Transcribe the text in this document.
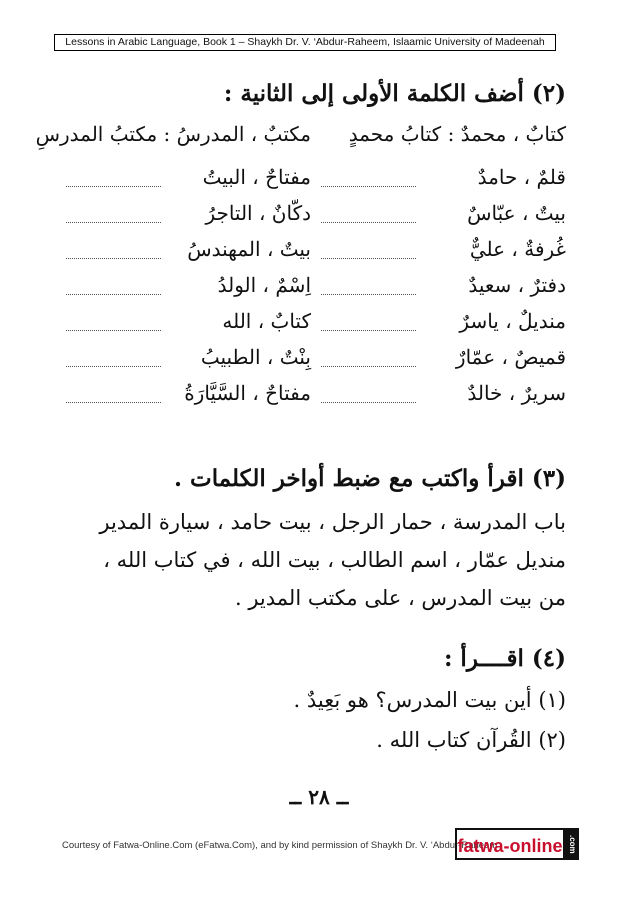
Lessons in Arabic Language, Book 1 – Shaykh Dr. V. ‘Abdur-Raheem, Islaamic University of Madeenah
(٢) أضف الكلمة الأولى إلى الثانية :
كتابٌ ، محمدٌ : كتابُ محمدٍ
مكتبٌ ، المدرسُ : مكتبُ المدرسِ
قلمٌ ، حامدٌ
مفتاحٌ ، البيتُ
بيتٌ ، عبّاسٌ
دكّانٌ ، التاجرُ
غُرفةٌ ، عليٌّ
بيتٌ ، المهندسُ
دفترٌ ، سعيدٌ
اِسْمٌ ، الولدُ
منديلٌ ، ياسرٌ
كتابٌ ، الله
قميصٌ ، عمّارٌ
بِنْتٌ ، الطبيبُ
سريرٌ ، خالدٌ
مفتاحٌ ، السَّيَّارَةُ
(٣) اقرأ واكتب مع ضبط أواخر الكلمات .
باب المدرسة ، حمار الرجل ، بيت حامد ، سيارة المدير
منديل عمّار ، اسم الطالب ، بيت الله ، في كتاب الله ،
من بيت المدرس ، على مكتب المدير .
(٤) اقــــرأ :
(١) أين بيت المدرس؟ هو بَعِيدٌ .
(٢) القُرآن كتاب الله .
ــ ٢٨ ــ
Courtesy of Fatwa-Online.Com (eFatwa.Com), and by kind permission of Shaykh Dr. V. ‘Abdur-Raheem
fatwa-online .com
